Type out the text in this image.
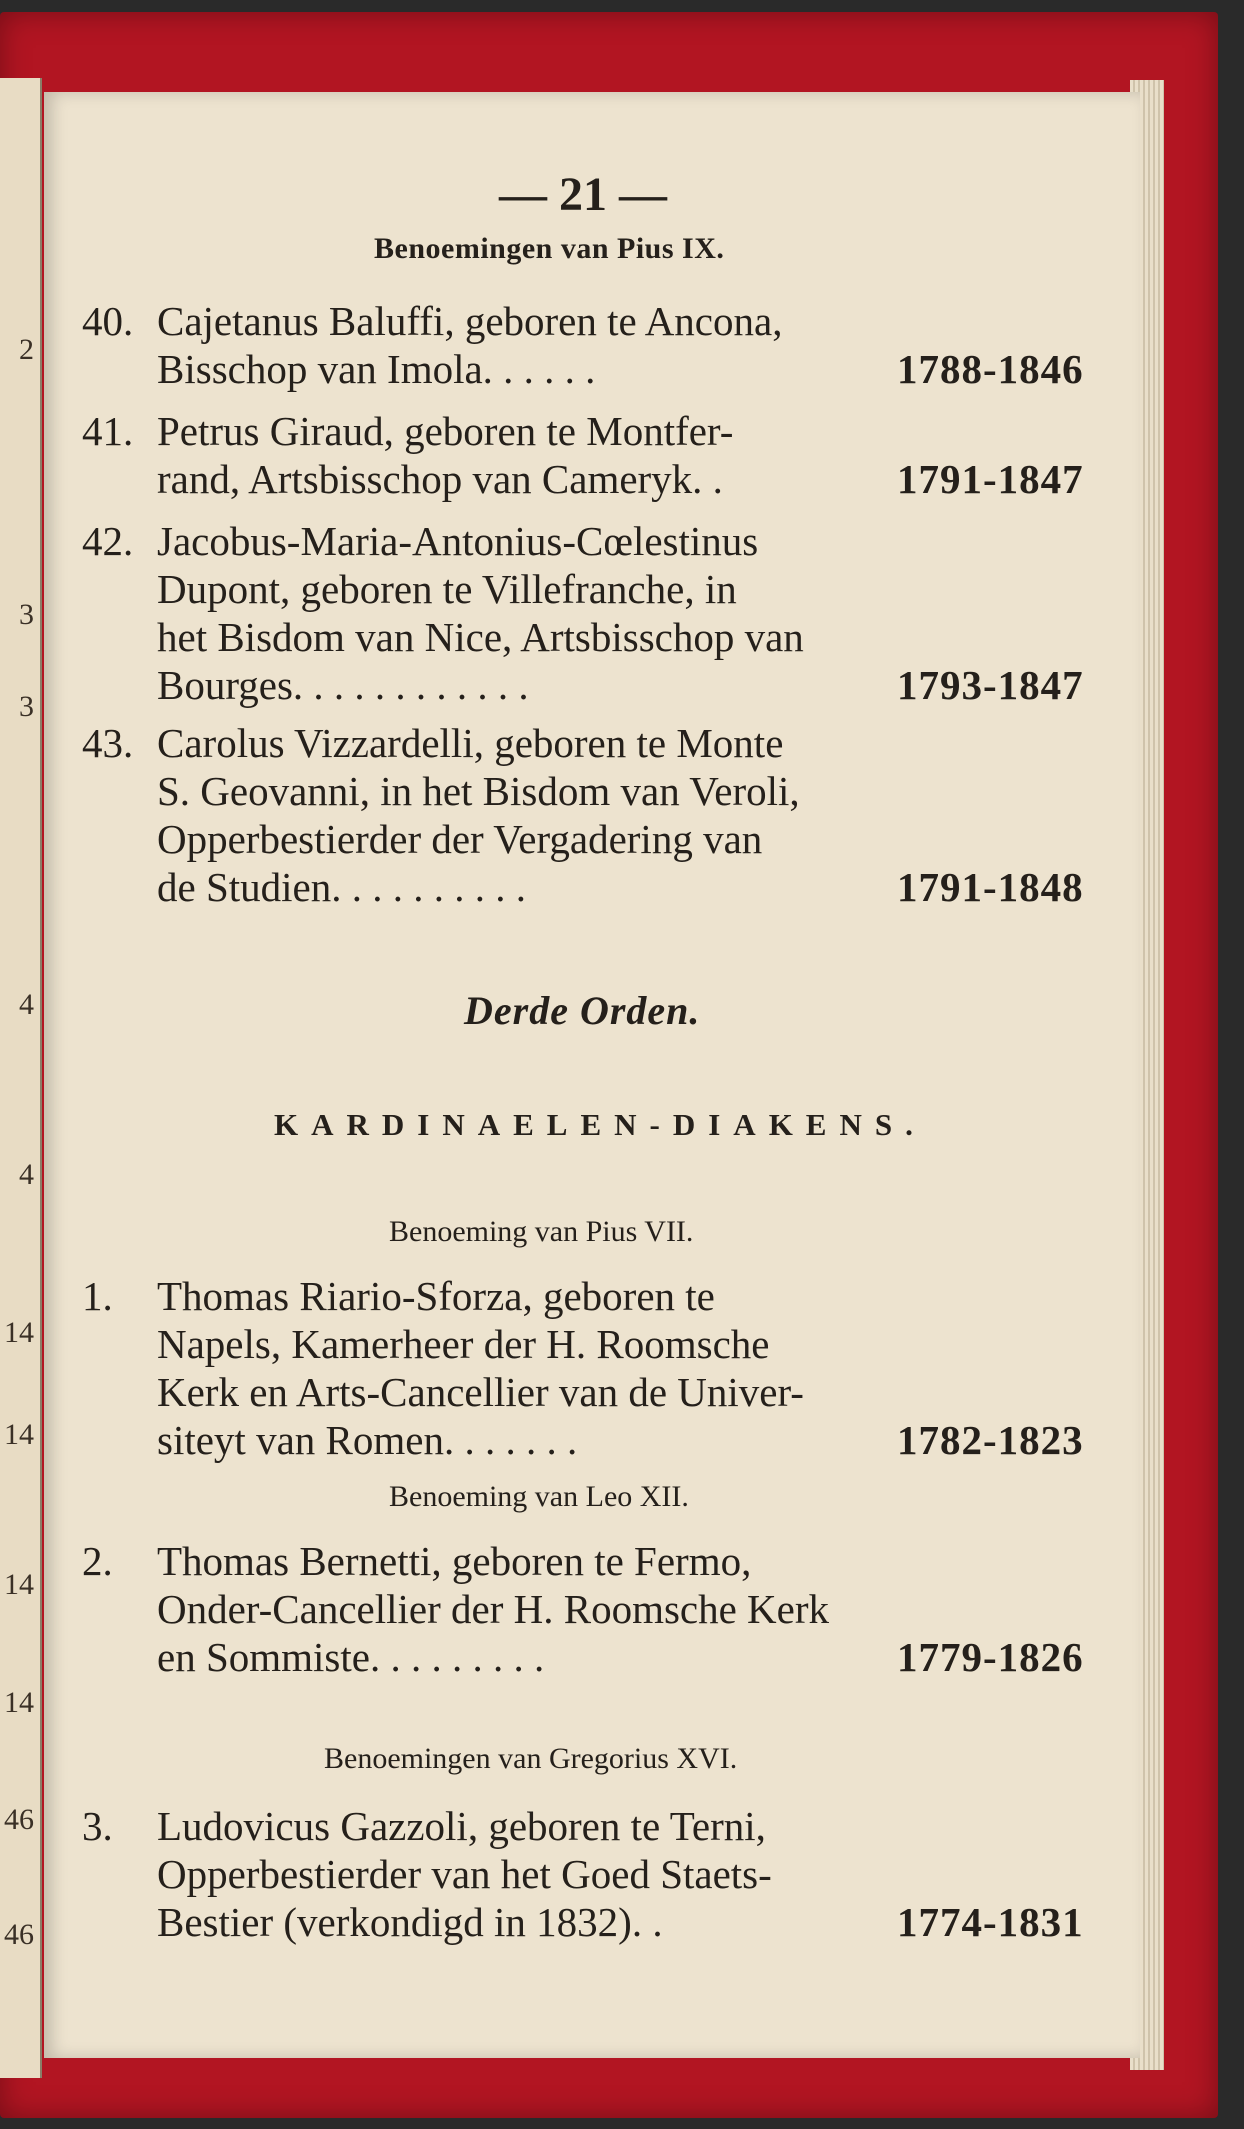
2
3
3
4
4
14
14
14
14
46
46
— 21 —
Benoemingen van Pius IX.
40. Cajetanus Baluffi, geboren te Ancona,
Bisschop van Imola. . . . . .	1788-1846
41. Petrus Giraud, geboren te Montfer-
rand, Artsbisschop van Cameryk. .	1791-1847
42. Jacobus-Maria-Antonius-Cœlestinus
Dupont, geboren te Villefranche, in
het Bisdom van Nice, Artsbisschop van
Bourges. . . . . . . . . . . .	1793-1847
43. Carolus Vizzardelli, geboren te Monte
S. Geovanni, in het Bisdom van Veroli,
Opperbestierder der Vergadering van
de Studien. . . . . . . . . .	1791-1848
Derde Orden.
KARDINAELEN-DIAKENS.
Benoeming van Pius VII.
1. Thomas Riario-Sforza, geboren te
Napels, Kamerheer der H. Roomsche
Kerk en Arts-Cancellier van de Univer-
siteyt van Romen. . . . . . .	1782-1823
Benoeming van Leo XII.
2. Thomas Bernetti, geboren te Fermo,
Onder-Cancellier der H. Roomsche Kerk
en Sommiste. . . . . . . . .	1779-1826
Benoemingen van Gregorius XVI.
3. Ludovicus Gazzoli, geboren te Terni,
Opperbestierder van het Goed Staets-
Bestier (verkondigd in 1832). .	1774-1831
